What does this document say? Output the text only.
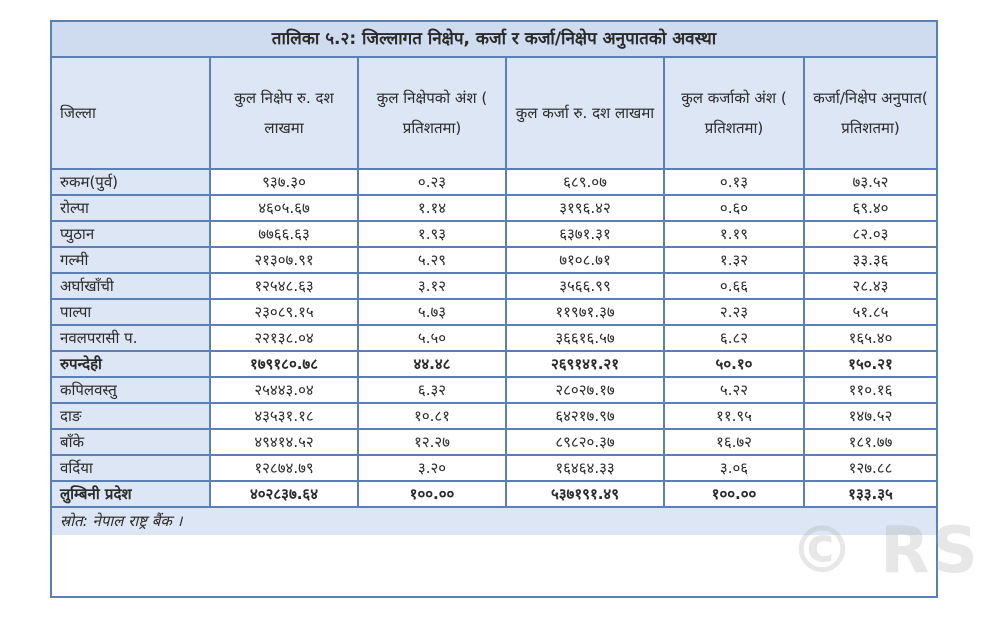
तालिका ५.२: जिल्लागत निक्षेप, कर्जा र कर्जा/निक्षेप अनुपातको अवस्था
जिल्ला	कुल निक्षेप रु. दश लाखमा	कुल निक्षेपको अंश ( प्रतिशतमा)	कुल कर्जा रु. दश लाखमा	कुल कर्जाको अंश ( प्रतिशतमा)	कर्जा/निक्षेप अनुपात( प्रतिशतमा)
रुकम(पुर्व)	९३७.३०	०.२३	६८९.०७	०.१३	७३.५२
रोल्पा	४६०५.६७	१.१४	३१९६.४२	०.६०	६९.४०
प्युठान	७७६६.६३	१.९३	६३७१.३१	१.१९	८२.०३
गल्मी	२१३०७.९१	५.२९	७१०८.७१	१.३२	३३.३६
अर्घाखाँची	१२५४८.६३	३.१२	३५६६.९९	०.६६	२८.४३
पाल्पा	२३०८९.१५	५.७३	११९७१.३७	२.२३	५१.८५
नवलपरासी प.	२२१३८.०४	५.५०	३६६१६.५७	६.८२	१६५.४०
रुपन्देही	१७९१८०.७८	४४.४८	२६९१४१.२१	५०.१०	१५०.२१
कपिलवस्तु	२५४४३.०४	६.३२	२८०२७.१७	५.२२	११०.१६
दाङ	४३५३१.१८	१०.८१	६४२१७.९७	११.९५	१४७.५२
बाँके	४९४१४.५२	१२.२७	८९८२०.३७	१६.७२	१८१.७७
वर्दिया	१२८७४.७९	३.२०	१६४६४.३३	३.०६	१२७.८८
लुम्बिनी प्रदेश	४०२८३७.६४	१००.००	५३७१९१.४९	१००.००	१३३.३५
स्रोत: नेपाल राष्ट्र बैंक ।	© RS
